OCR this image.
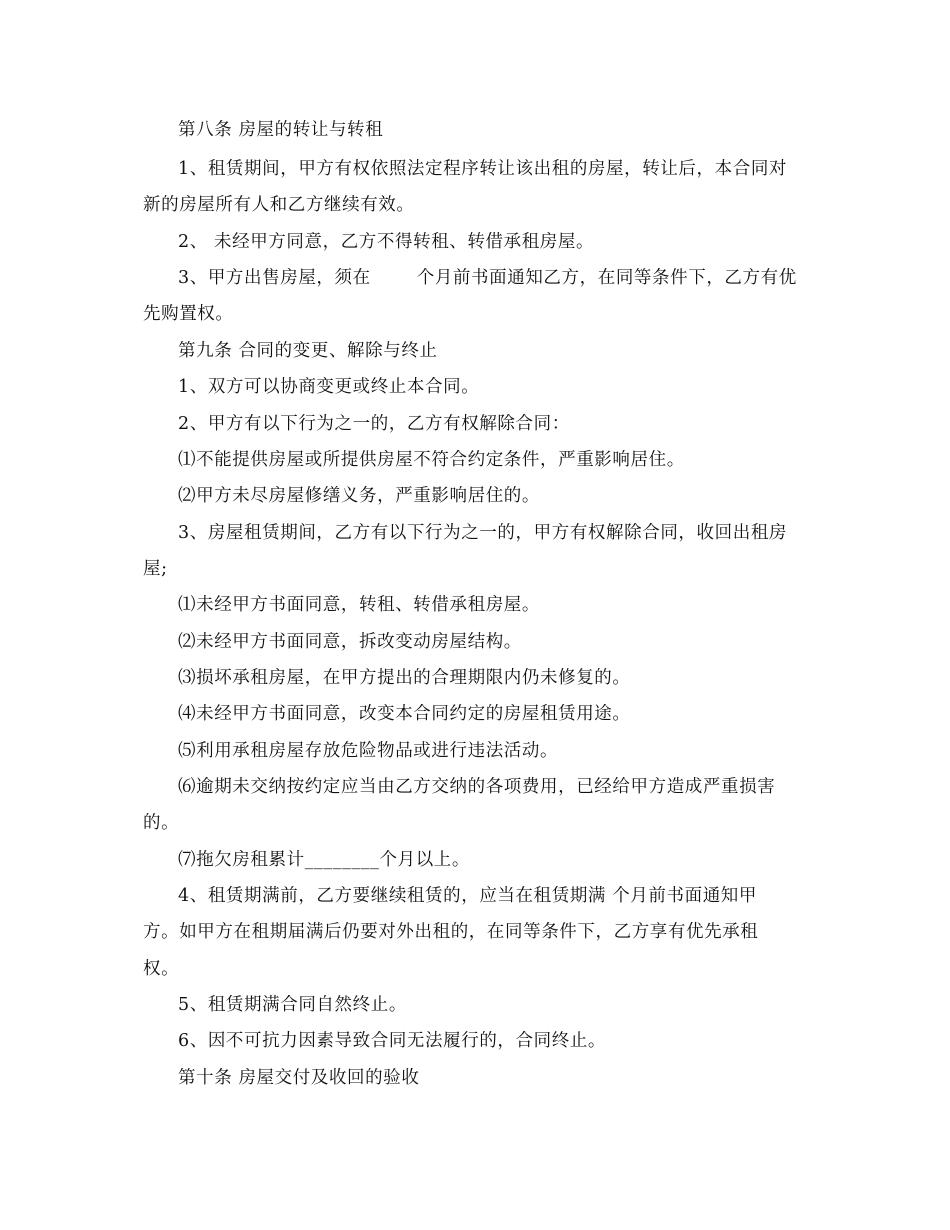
第八条 房屋的转让与转租

1、租赁期间，甲方有权依照法定程序转让该出租的房屋，转让后，本合同对

新的房屋所有人和乙方继续有效。

2、 未经甲方同意，乙方不得转租、转借承租房屋。

3、甲方出售房屋，须在	个月前书面通知乙方，在同等条件下，乙方有优

先购置权。

第九条 合同的变更、解除与终止

1、双方可以协商变更或终止本合同。

2、甲方有以下行为之一的，乙方有权解除合同：

⑴不能提供房屋或所提供房屋不符合约定条件，严重影响居住。

⑵甲方未尽房屋修缮义务，严重影响居住的。

3、房屋租赁期间，乙方有以下行为之一的，甲方有权解除合同，收回出租房

屋;

⑴未经甲方书面同意，转租、转借承租房屋。

⑵未经甲方书面同意，拆改变动房屋结构。

⑶损坏承租房屋，在甲方提出的合理期限内仍未修复的。

⑷未经甲方书面同意，改变本合同约定的房屋租赁用途。

⑸利用承租房屋存放危险物品或进行违法活动。

⑹逾期未交纳按约定应当由乙方交纳的各项费用，已经给甲方造成严重损害

的。

⑺拖欠房租累计________个月以上。

4、租赁期满前，乙方要继续租赁的，应当在租赁期满 个月前书面通知甲

方。如甲方在租期届满后仍要对外出租的，在同等条件下，乙方享有优先承租

权。

5、租赁期满合同自然终止。

6、因不可抗力因素导致合同无法履行的，合同终止。

第十条 房屋交付及收回的验收
